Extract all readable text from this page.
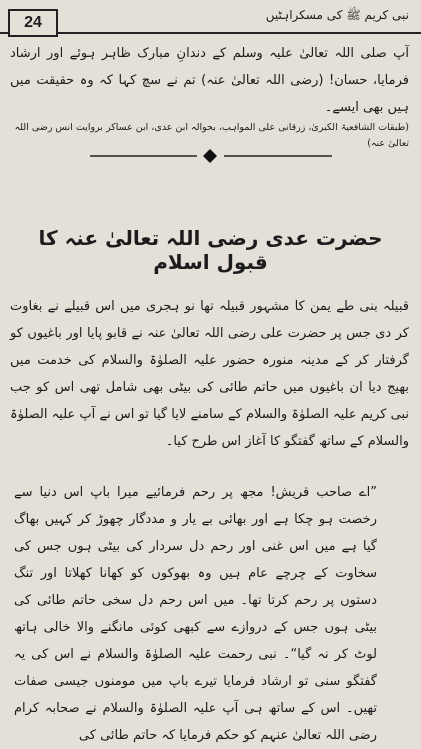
24	نبی کریم ﷺ کی مسکراہٹیں

آپ صلی اللہ تعالیٰ علیہ وسلم کے دندانِ مبارک ظاہر ہوئے اور ارشاد فرمایا، حسان! (رضی اللہ تعالیٰ عنہ) تم نے سچ کہا کہ وہ حقیقت میں ہیں بھی ایسے۔

(طبقات الشافعیۃ الکبریٰ، زرقانی علی المواہب، بحوالہ ابن عدی، ابن عساکر بروایت انس رضی اللہ تعالیٰ عنہ)
حضرت عدی رضی اللہ تعالیٰ عنہ کا قبول اسلام

قبیلہ بنی طے یمن کا مشہور قبیلہ تھا نو ہجری میں اس قبیلے نے بغاوت کر دی جس پر حضرت علی رضی اللہ تعالیٰ عنہ نے قابو پایا اور باغیوں کو گرفتار کر کے مدینہ منورہ حضور علیہ الصلوٰۃ والسلام کی خدمت میں بھیج دیا ان باغیوں میں حاتم طائی کی بیٹی بھی شامل تھی اس کو جب نبی کریم علیہ الصلوٰۃ والسلام کے سامنے لایا گیا تو اس نے آپ علیہ الصلوٰۃ والسلام کے ساتھ گفتگو کا آغاز اس طرح کیا۔

”اے صاحب قریش! مجھ پر رحم فرمائیے میرا باپ اس دنیا سے رخصت ہو چکا ہے اور بھائی بے یار و مددگار چھوڑ کر کہیں بھاگ گیا ہے میں اس غنی اور رحم دل سردار کی بیٹی ہوں جس کی سخاوت کے چرچے عام ہیں وہ بھوکوں کو کھانا کھلاتا اور تنگ دستوں پر رحم کرتا تھا۔ میں اس رحم دل سخی حاتم طائی کی بیٹی ہوں جس کے دروازے سے کبھی کوئی مانگنے والا خالی ہاتھ لوٹ کر نہ گیا“۔ نبی رحمت علیہ الصلوٰۃ والسلام نے اس کی یہ گفتگو سنی تو ارشاد فرمایا تیرے باپ میں مومنوں جیسی صفات تھیں۔ اس کے ساتھ ہی آپ علیہ الصلوٰۃ والسلام نے صحابہ کرام رضی اللہ تعالیٰ عنہم کو حکم فرمایا کہ حاتم طائی کی
